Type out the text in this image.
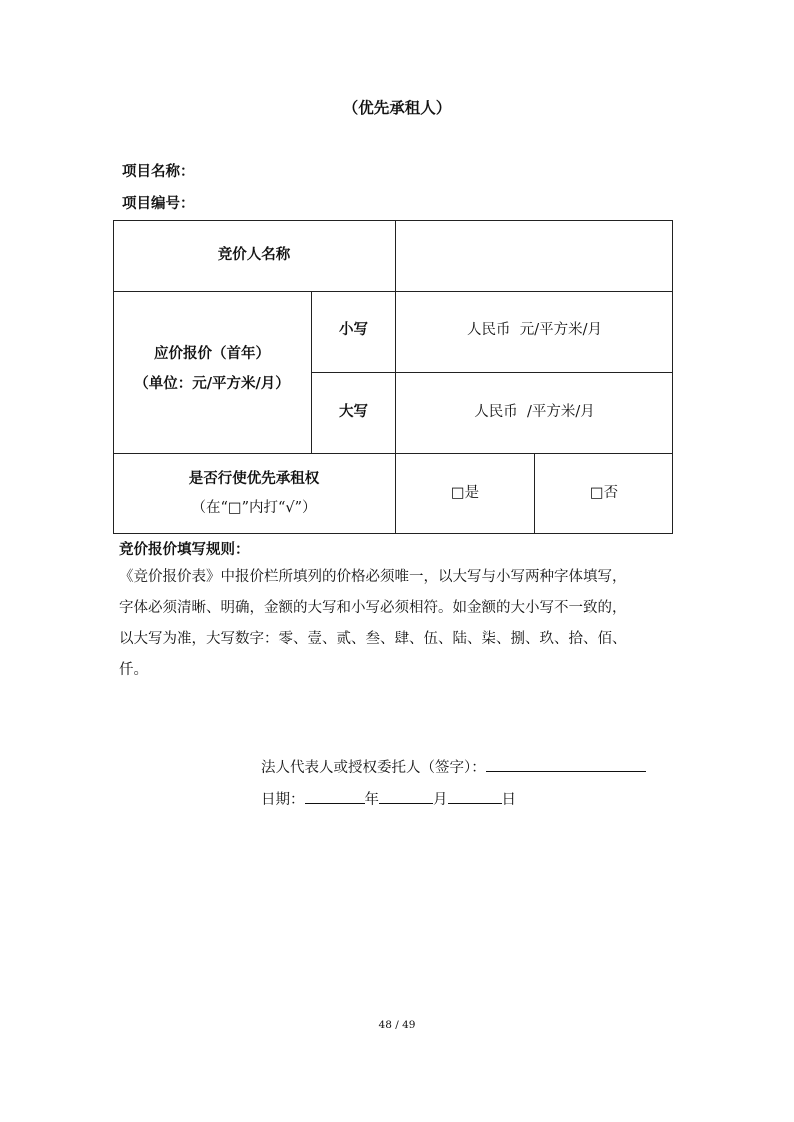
（优先承租人）
项目名称：
项目编号：
竞价人名称
应价报价（首年）
（单位：元/平方米/月）
小写	人民币  元/平方米/月
大写	人民币  /平方米/月
是否行使优先承租权
（在“□”内打“√”）
□是	□否
竞价报价填写规则：

《竞价报价表》中报价栏所填列的价格必须唯一，以大写与小写两种字体填写，

字体必须清晰、明确，金额的大写和小写必须相符。如金额的大小写不一致的，

以大写为准，大写数字：零、壹、贰、叁、肆、伍、陆、柒、捌、玖、拾、佰、

仟。

法人代表人或授权委托人（签字）：
日期：	年	月	日
48 / 49
